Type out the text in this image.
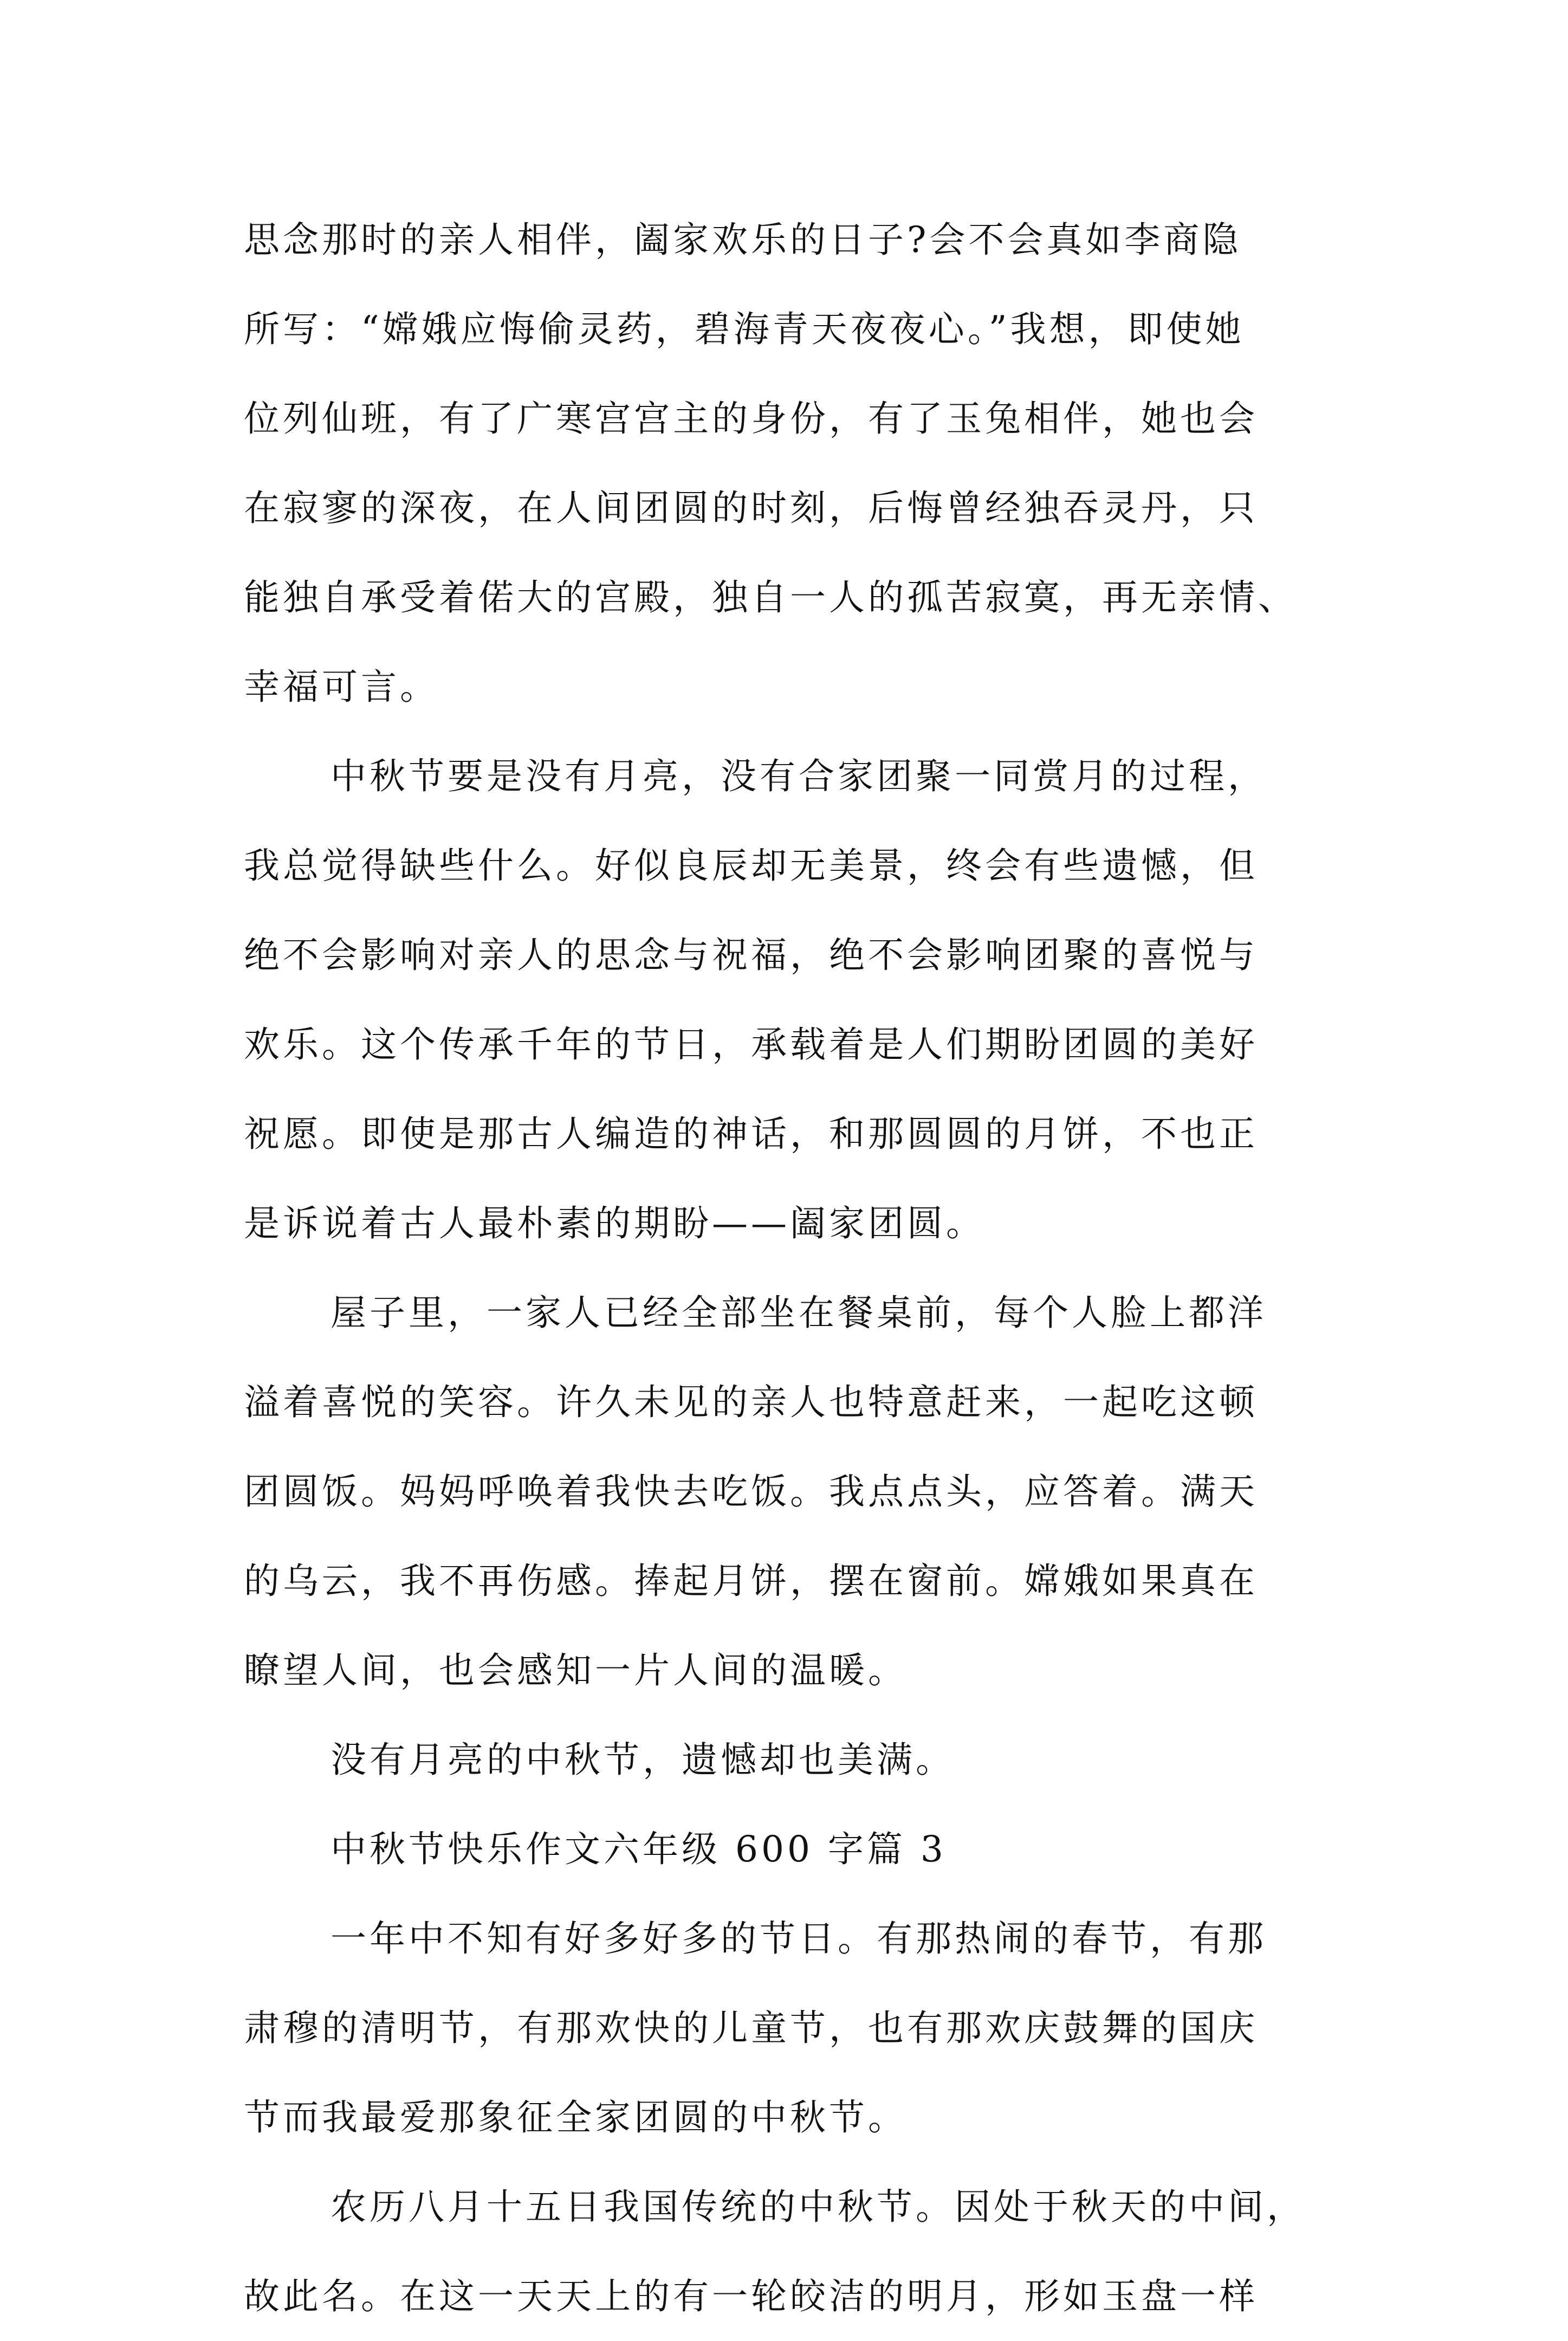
思念那时的亲人相伴，阖家欢乐的日子?会不会真如李商隐
所写：“嫦娥应悔偷灵药，碧海青天夜夜心。”我想，即使她
位列仙班，有了广寒宫宫主的身份，有了玉兔相伴，她也会
在寂寥的深夜，在人间团圆的时刻，后悔曾经独吞灵丹，只
能独自承受着偌大的宫殿，独自一人的孤苦寂寞，再无亲情、
幸福可言。
中秋节要是没有月亮，没有合家团聚一同赏月的过程，
我总觉得缺些什么。好似良辰却无美景，终会有些遗憾，但
绝不会影响对亲人的思念与祝福，绝不会影响团聚的喜悦与
欢乐。这个传承千年的节日，承载着是人们期盼团圆的美好
祝愿。即使是那古人编造的神话，和那圆圆的月饼，不也正
是诉说着古人最朴素的期盼——阖家团圆。
屋子里，一家人已经全部坐在餐桌前，每个人脸上都洋
溢着喜悦的笑容。许久未见的亲人也特意赶来，一起吃这顿
团圆饭。妈妈呼唤着我快去吃饭。我点点头，应答着。满天
的乌云，我不再伤感。捧起月饼，摆在窗前。嫦娥如果真在
瞭望人间，也会感知一片人间的温暖。
没有月亮的中秋节，遗憾却也美满。
中秋节快乐作文六年级 600 字篇 3
一年中不知有好多好多的节日。有那热闹的春节，有那
肃穆的清明节，有那欢快的儿童节，也有那欢庆鼓舞的国庆
节而我最爱那象征全家团圆的中秋节。
农历八月十五日我国传统的中秋节。因处于秋天的中间，
故此名。在这一天天上的有一轮皎洁的明月，形如玉盘一样
